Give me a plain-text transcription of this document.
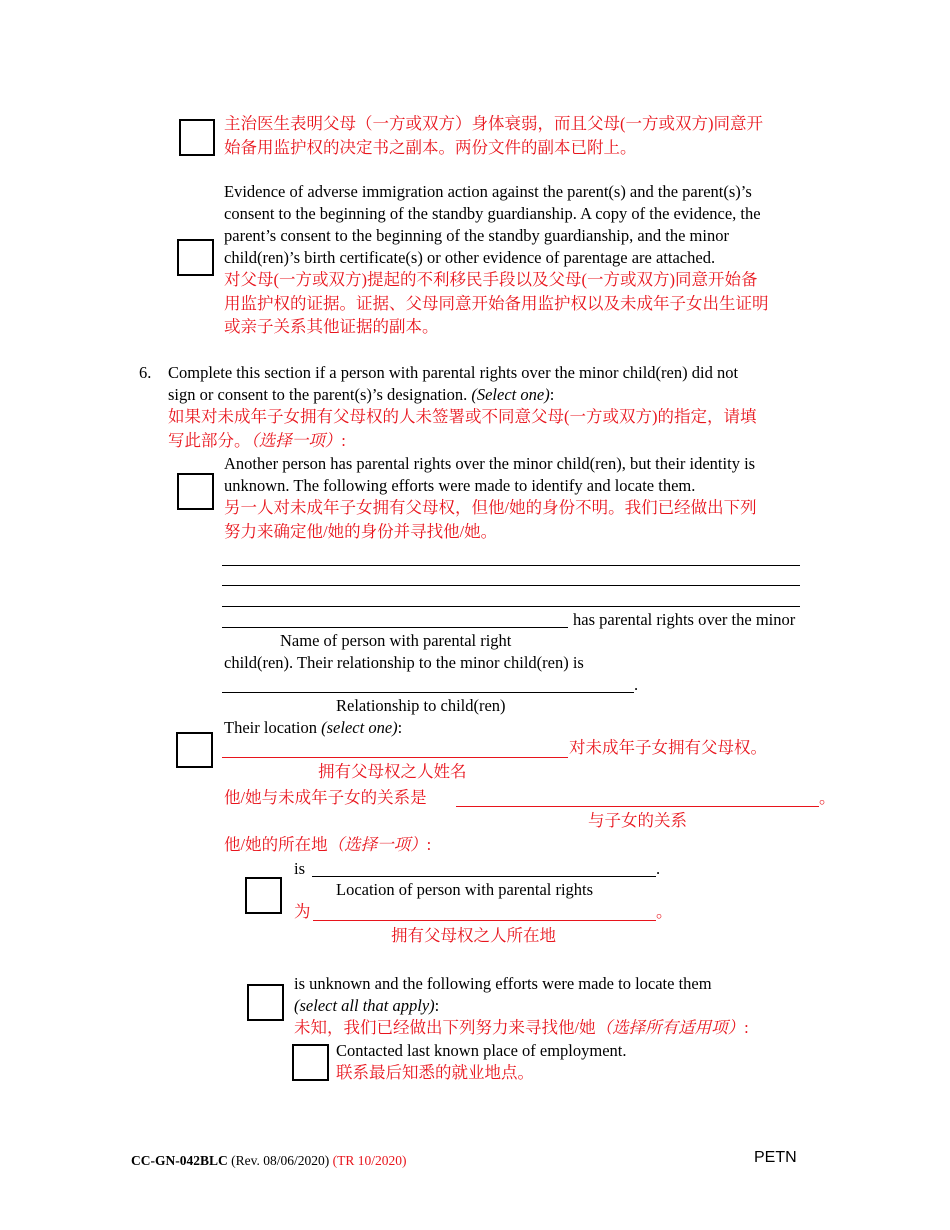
主治医生表明父母（一方或双方）身体衰弱，而且父母(一方或双方)同意开

始备用监护权的决定书之副本。两份文件的副本已附上。

Evidence of adverse immigration action against the parent(s) and the parent(s)’s

consent to the beginning of the standby guardianship. A copy of the evidence, the

parent’s consent to the beginning of the standby guardianship, and the minor

child(ren)’s birth certificate(s) or other evidence of parentage are attached.

对父母(一方或双方)提起的不利移民手段以及父母(一方或双方)同意开始备

用监护权的证据。证据、父母同意开始备用监护权以及未成年子女出生证明

或亲子关系其他证据的副本。

6. Complete this section if a person with parental rights over the minor child(ren) did not

sign or consent to the parent(s)’s designation. (Select one):

如果对未成年子女拥有父母权的人未签署或不同意父母(一方或双方)的指定，请填

写此部分。（选择一项）:

Another person has parental rights over the minor child(ren), but their identity is

unknown. The following efforts were made to identify and locate them.

另一人对未成年子女拥有父母权，但他/她的身份不明。我们已经做出下列

努力来确定他/她的身份并寻找他/她。

has parental rights over the minor

Name of person with parental right

child(ren). Their relationship to the minor child(ren) is

.

Relationship to child(ren)

Their location (select one):

对未成年子女拥有父母权。

拥有父母权之人姓名

他/她与未成年子女的关系是	。

与子女的关系

他/她的所在地（选择一项）:

is	.

Location of person with parental rights

为	。

拥有父母权之人所在地

is unknown and the following efforts were made to locate them

(select all that apply):

未知，我们已经做出下列努力来寻找他/她（选择所有适用项）:

Contacted last known place of employment.

联系最后知悉的就业地点。

CC-GN-042BLC (Rev. 08/06/2020) (TR 10/2020)	PETN
